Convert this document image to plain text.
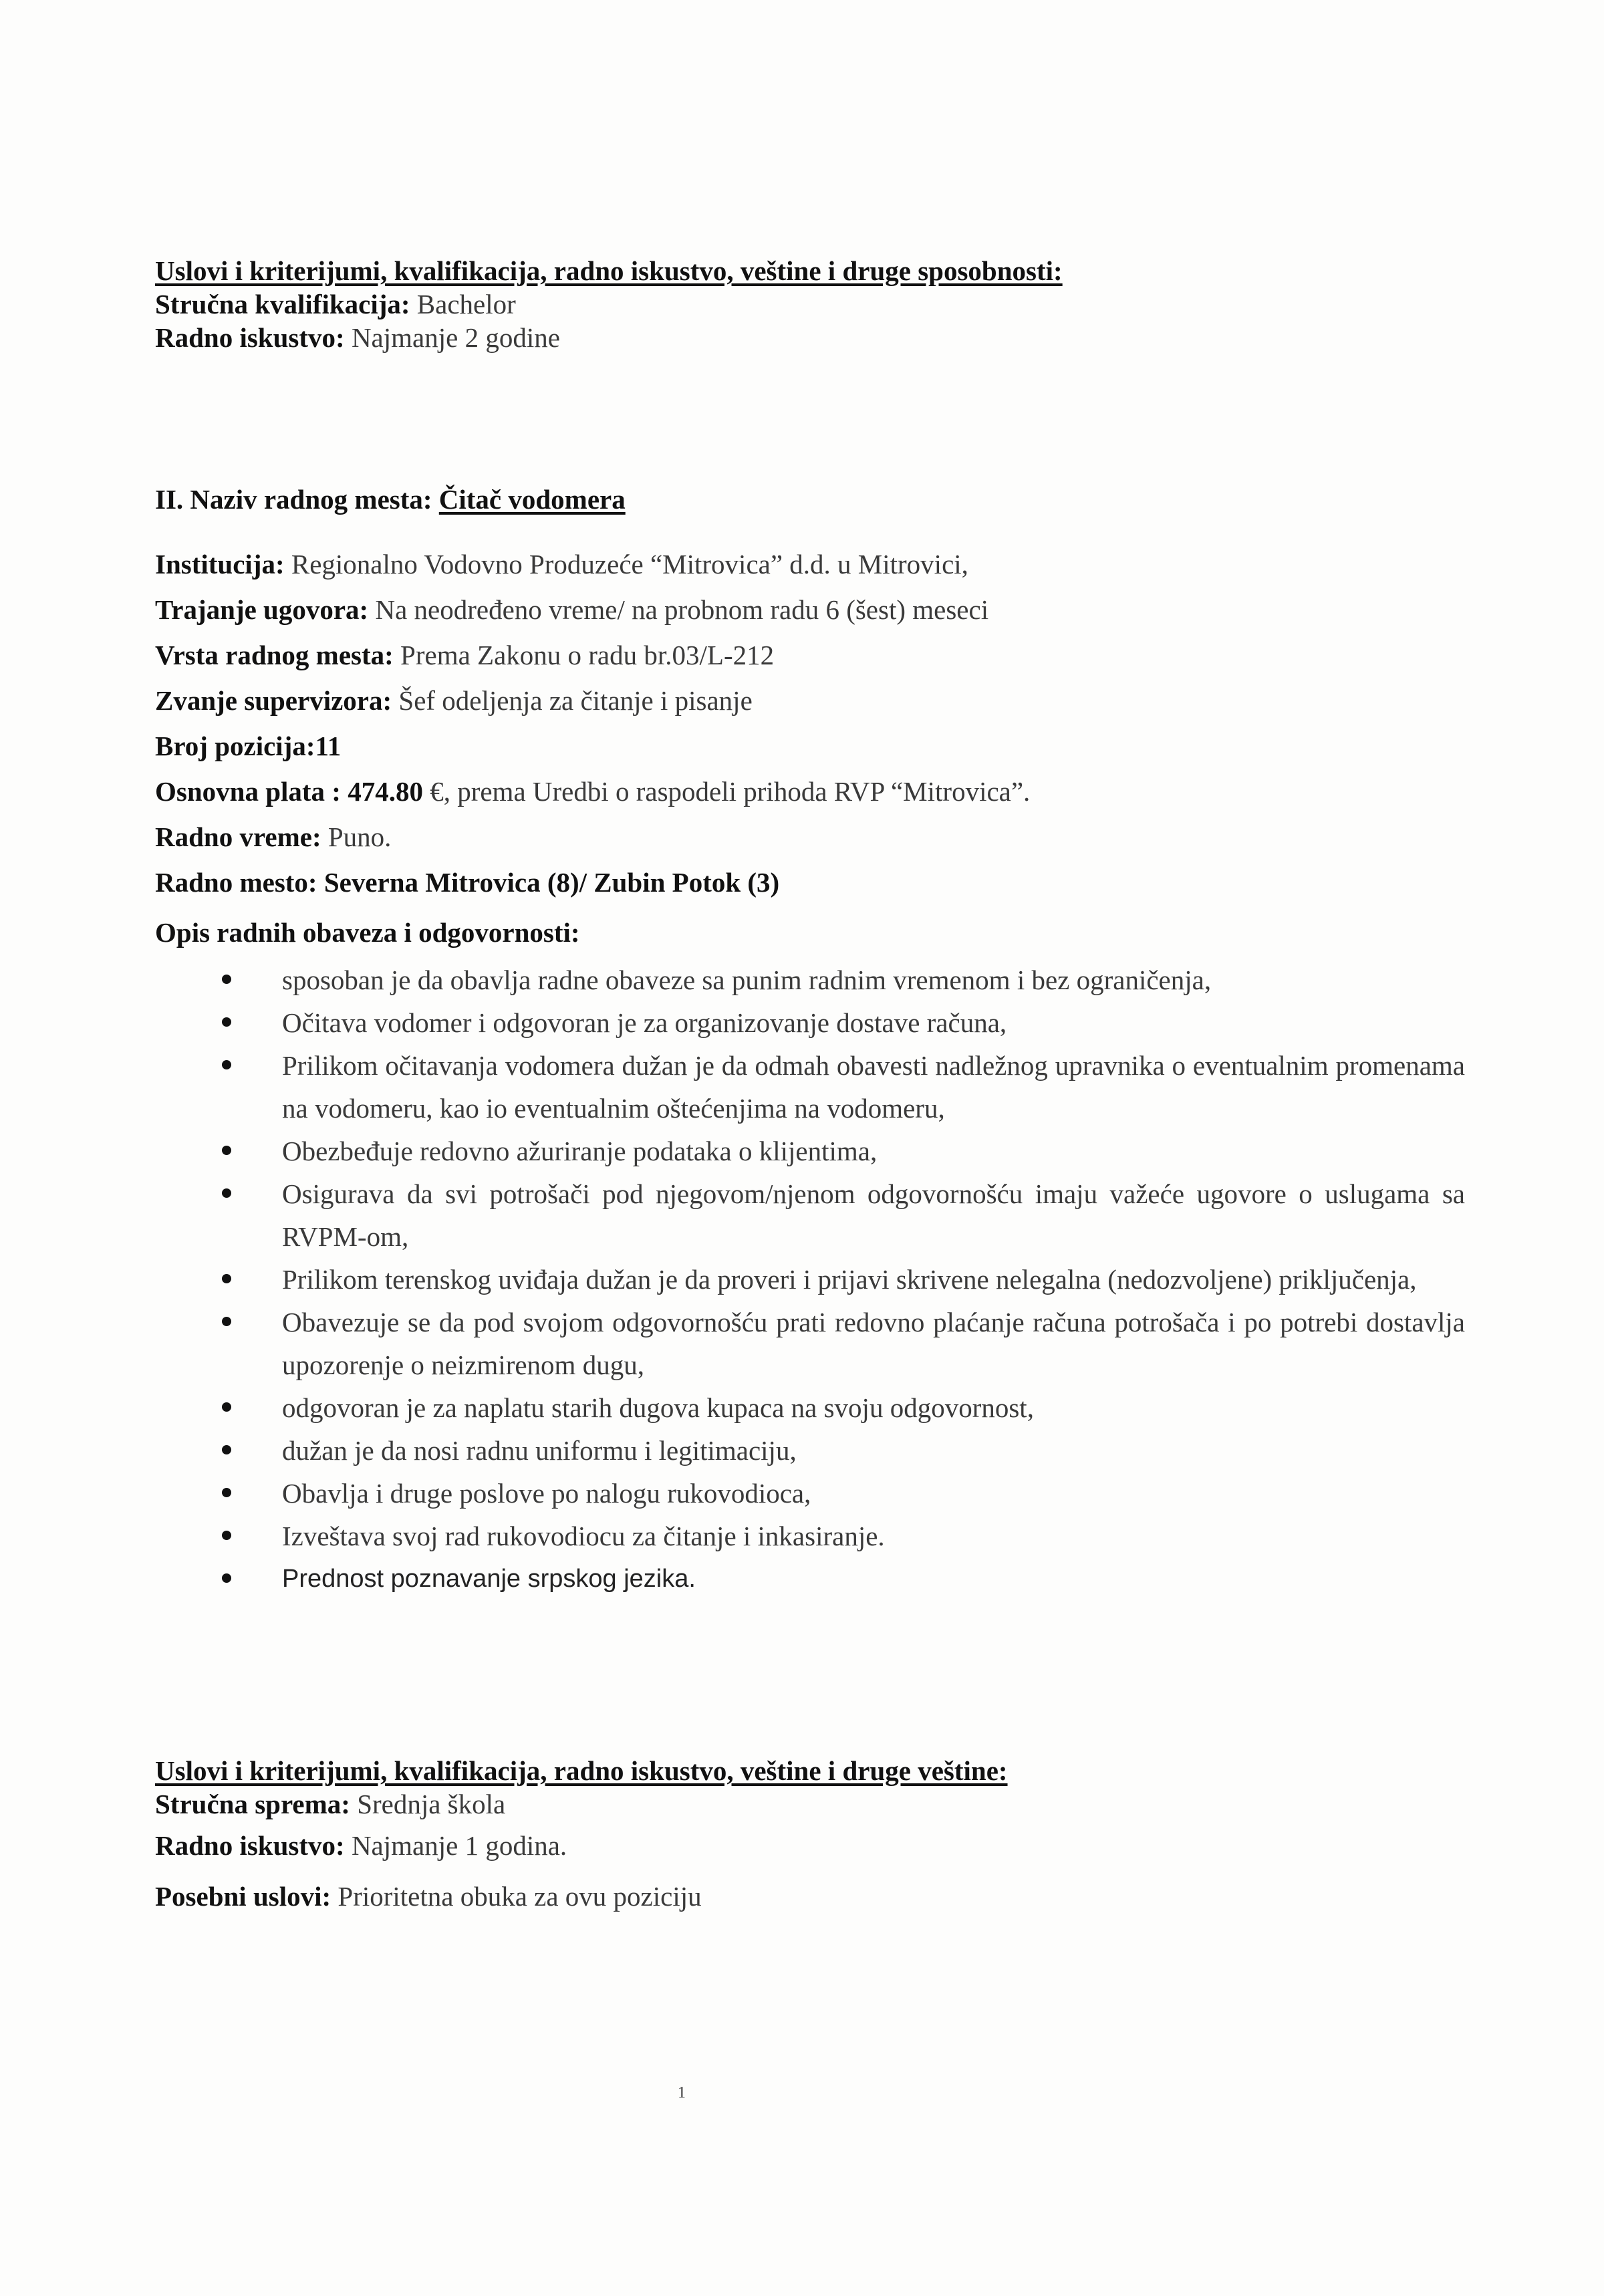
Uslovi i kriterijumi, kvalifikacija, radno iskustvo, veštine i druge sposobnosti:
Stručna kvalifikacija: Bachelor
Radno iskustvo: Najmanje 2 godine
II. Naziv radnog mesta: Čitač vodomera
Institucija: Regionalno Vodovno Produzeće “Mitrovica” d.d. u Mitrovici,
Trajanje ugovora: Na neodređeno vreme/ na probnom radu 6 (šest) meseci
Vrsta radnog mesta: Prema Zakonu o radu br.03/L-212
Zvanje supervizora: Šef odeljenja za čitanje i pisanje
Broj pozicija:11
Osnovna plata : 474.80 €, prema Uredbi o raspodeli prihoda RVP “Mitrovica”.
Radno vreme: Puno.
Radno mesto: Severna Mitrovica (8)/ Zubin Potok (3)
Opis radnih obaveza i odgovornosti:
sposoban je da obavlja radne obaveze sa punim radnim vremenom i bez ograničenja,
Očitava vodomer i odgovoran je za organizovanje dostave računa,
Prilikom očitavanja vodomera dužan je da odmah obavesti nadležnog upravnika o eventualnim promenama na vodomeru, kao io eventualnim oštećenjima na vodomeru,
Obezbeđuje redovno ažuriranje podataka o klijentima,
Osigurava da svi potrošači pod njegovom/njenom odgovornošću imaju važeće ugovore o uslugama sa RVPM-om,
Prilikom terenskog uviđaja dužan je da proveri i prijavi skrivene nelegalna (nedozvoljene) priključenja,
Obavezuje se da pod svojom odgovornošću prati redovno plaćanje računa potrošača i po potrebi dostavlja upozorenje o neizmirenom dugu,
odgovoran je za naplatu starih dugova kupaca na svoju odgovornost,
dužan je da nosi radnu uniformu i legitimaciju,
Obavlja i druge poslove po nalogu rukovodioca,
Izveštava svoj rad rukovodiocu za čitanje i inkasiranje.
Prednost poznavanje srpskog jezika.
Uslovi i kriterijumi, kvalifikacija, radno iskustvo, veštine i druge veštine:
Stručna sprema: Srednja škola
Radno iskustvo: Najmanje 1 godina.
Posebni uslovi: Prioritetna obuka za ovu poziciju
1
